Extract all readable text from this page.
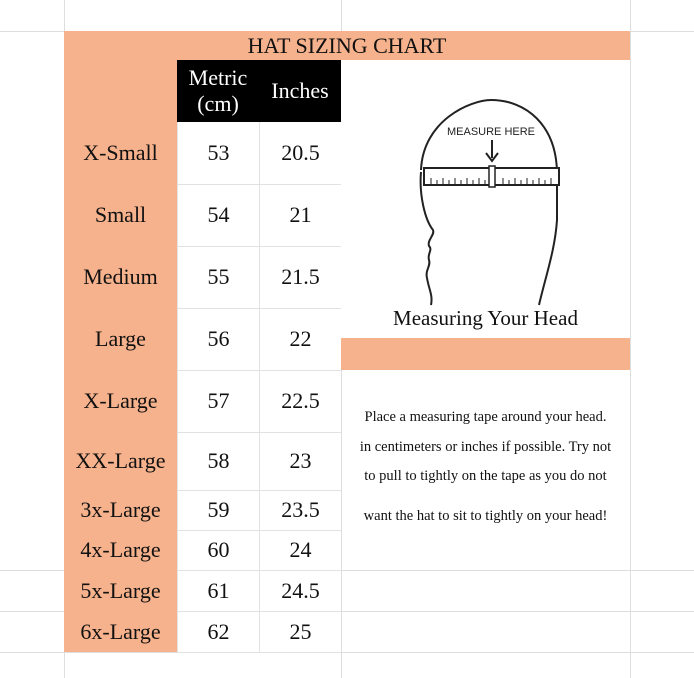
HAT SIZING CHART
Metric (cm)
Inches
X-Small	53	20.5
Small	54	21
Medium	55	21.5
Large	56	22
X-Large	57	22.5
XX-Large	58	23
3x-Large	59	23.5
4x-Large	60	24
5x-Large	61	24.5
6x-Large	62	25
MEASURE HERE
Measuring Your Head
Place a measuring tape around your head.
in centimeters or inches if possible. Try not
to pull to tightly on the tape as you do not
want the hat to sit to tightly on your head!
